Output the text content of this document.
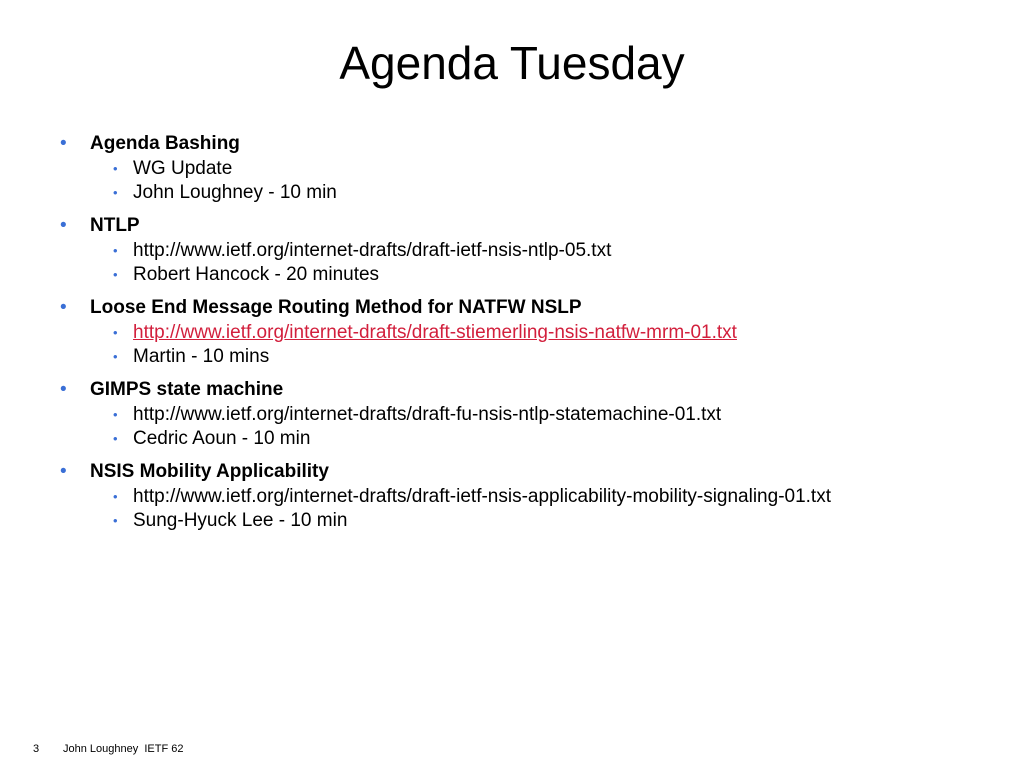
Agenda Tuesday
• Agenda Bashing
• WG Update
• John Loughney - 10 min
• NTLP
• http://www.ietf.org/internet-drafts/draft-ietf-nsis-ntlp-05.txt
• Robert Hancock - 20 minutes
• Loose End Message Routing Method for NATFW NSLP
• http://www.ietf.org/internet-drafts/draft-stiemerling-nsis-natfw-mrm-01.txt
• Martin - 10 mins
• GIMPS state machine
• http://www.ietf.org/internet-drafts/draft-fu-nsis-ntlp-statemachine-01.txt
• Cedric Aoun - 10 min
• NSIS Mobility Applicability
• http://www.ietf.org/internet-drafts/draft-ietf-nsis-applicability-mobility-signaling-01.txt
• Sung-Hyuck Lee - 10 min
3 John Loughney  IETF 62
